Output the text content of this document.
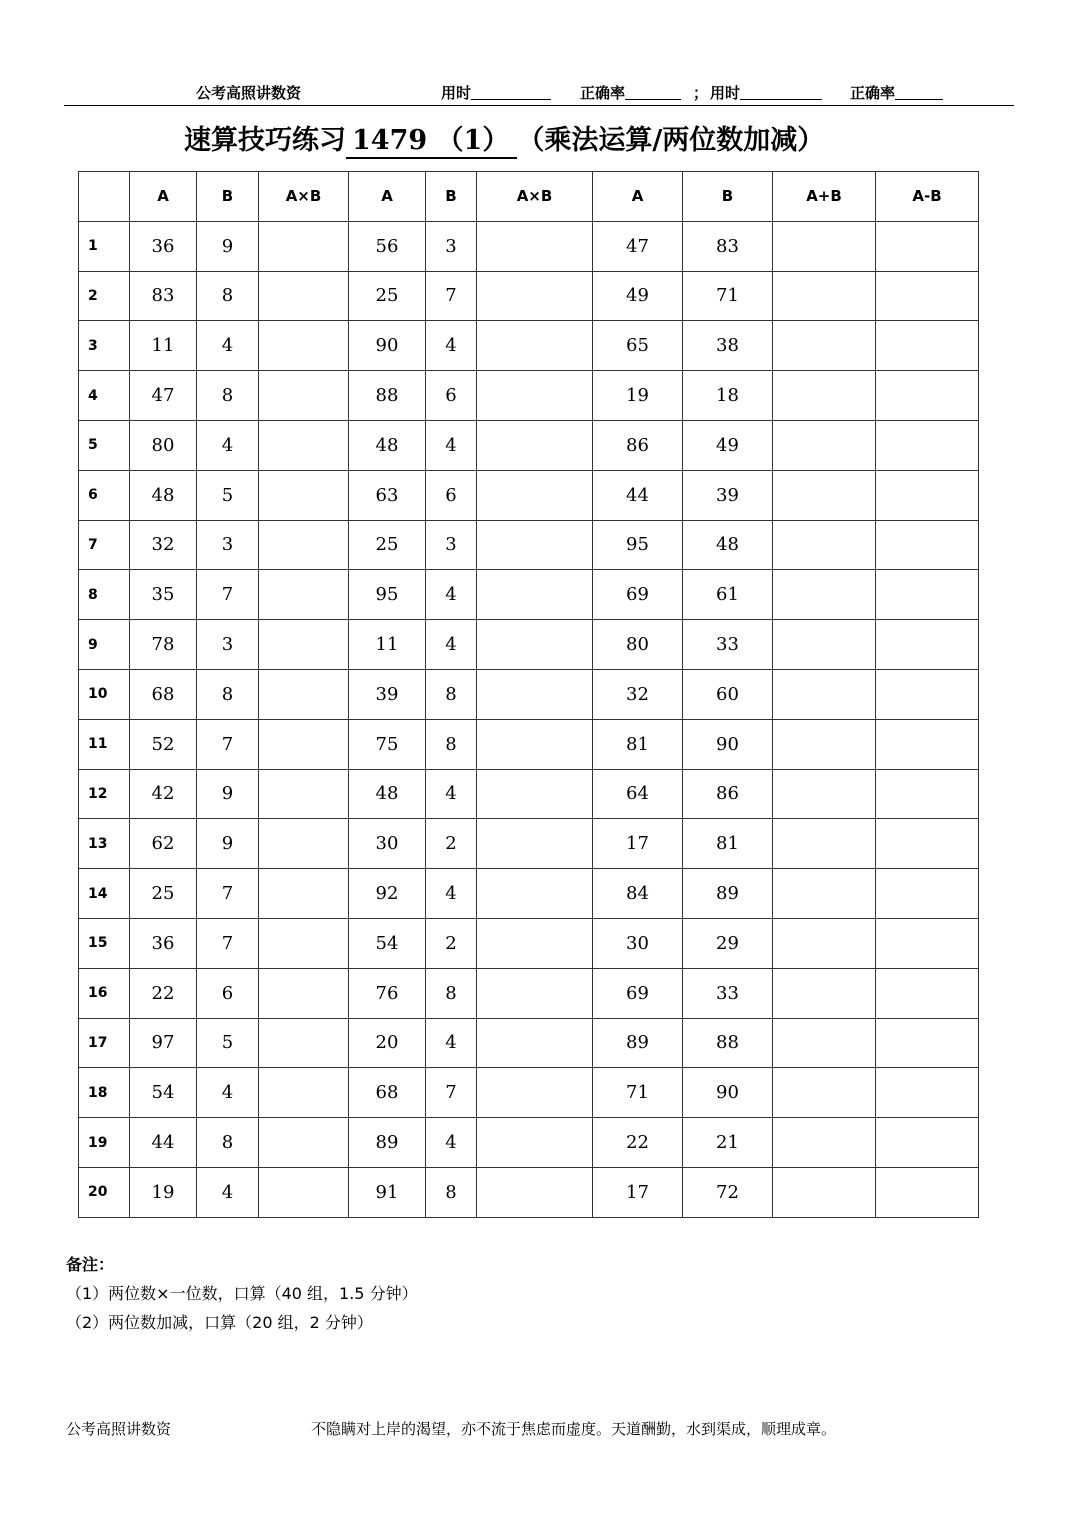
公考高照讲数资	用时	正确率	； 用时	正确率
速算技巧练习 1479 （1） （乘法运算/两位数加减）
	A	B	A×B	A	B	A×B	A	B	A+B	A-B
1	36	9		56	3		47	83		
2	83	8		25	7		49	71		
3	11	4		90	4		65	38		
4	47	8		88	6		19	18		
5	80	4		48	4		86	49		
6	48	5		63	6		44	39		
7	32	3		25	3		95	48		
8	35	7		95	4		69	61		
9	78	3		11	4		80	33		
10	68	8		39	8		32	60		
11	52	7		75	8		81	90		
12	42	9		48	4		64	86		
13	62	9		30	2		17	81		
14	25	7		92	4		84	89		
15	36	7		54	2		30	29		
16	22	6		76	8		69	33		
17	97	5		20	4		89	88		
18	54	4		68	7		71	90		
19	44	8		89	4		22	21		
20	19	4		91	8		17	72		
备注：
（1）两位数×一位数，口算（40 组，1.5 分钟）
（2）两位数加减，口算（20 组，2 分钟）
公考高照讲数资	不隐瞒对上岸的渴望，亦不流于焦虑而虚度。天道酬勤，水到渠成，顺理成章。
